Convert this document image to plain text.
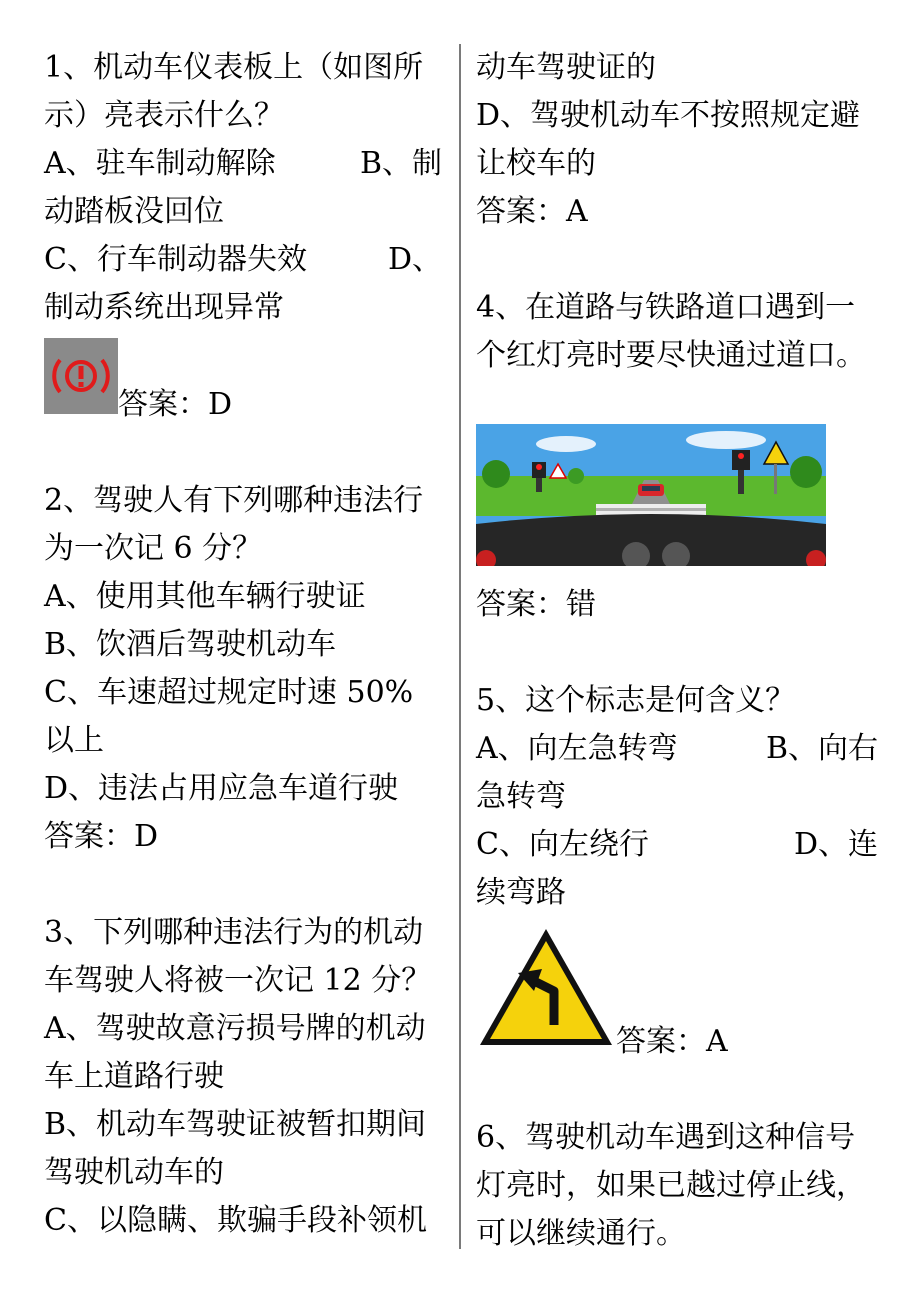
1、机动车仪表板上（如图所

示）亮表示什么？

A、驻车制动解除	B、制

动踏板没回位

C、行车制动器失效	D、

制动系统出现异常

答案：D

2、驾驶人有下列哪种违法行

为一次记 6 分？

A、使用其他车辆行驶证

B、饮酒后驾驶机动车

C、车速超过规定时速 50%

以上

D、违法占用应急车道行驶

答案：D

3、下列哪种违法行为的机动

车驾驶人将被一次记 12 分？

A、驾驶故意污损号牌的机动

车上道路行驶

B、机动车驾驶证被暂扣期间

驾驶机动车的

C、以隐瞒、欺骗手段补领机

动车驾驶证的

D、驾驶机动车不按照规定避

让校车的

答案：A

4、在道路与铁路道口遇到一

个红灯亮时要尽快通过道口。

答案：错

5、这个标志是何含义？

A、向左急转弯	B、向右

急转弯

C、向左绕行	D、连

续弯路

答案：A

6、驾驶机动车遇到这种信号

灯亮时，如果已越过停止线，

可以继续通行。
